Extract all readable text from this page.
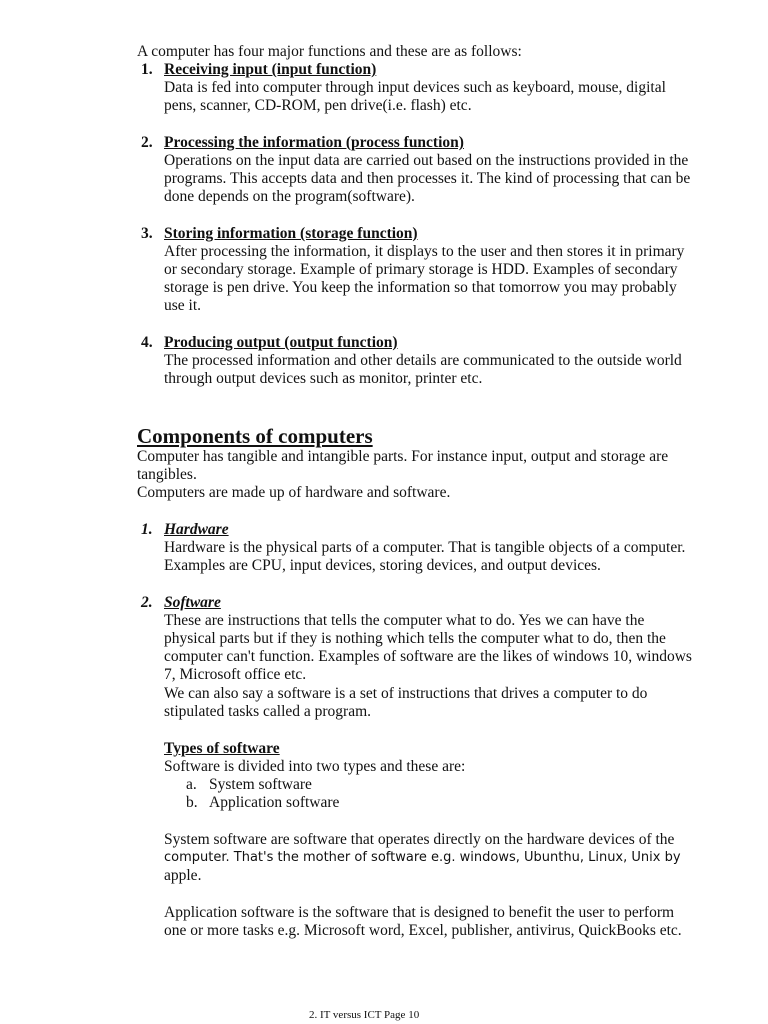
A computer has four major functions and these are as follows:
1. Receiving input (input function)
Data is fed into computer through input devices such as keyboard, mouse, digital
pens, scanner, CD-ROM, pen drive(i.e. flash) etc.
2. Processing the information (process function)
Operations on the input data are carried out based on the instructions provided in the
programs. This accepts data and then processes it. The kind of processing that can be
done depends on the program(software).
3. Storing information (storage function)
After processing the information, it displays to the user and then stores it in primary
or secondary storage. Example of primary storage is HDD. Examples of secondary
storage is pen drive. You keep the information so that tomorrow you may probably
use it.
4. Producing output (output function)
The processed information and other details are communicated to the outside world
through output devices such as monitor, printer etc.
Components of computers
Computer has tangible and intangible parts. For instance input, output and storage are
tangibles.
Computers are made up of hardware and software.
1. Hardware
Hardware is the physical parts of a computer. That is tangible objects of a computer.
Examples are CPU, input devices, storing devices, and output devices.
2. Software
These are instructions that tells the computer what to do. Yes we can have the
physical parts but if they is nothing which tells the computer what to do, then the
computer can't function. Examples of software are the likes of windows 10, windows
7, Microsoft office etc.
We can also say a software is a set of instructions that drives a computer to do
stipulated tasks called a program.
Types of software
Software is divided into two types and these are:
a. System software
b. Application software
System software are software that operates directly on the hardware devices of the
computer. That's the mother of software e.g. windows, Ubunthu, Linux, Unix by
apple.
Application software is the software that is designed to benefit the user to perform
one or more tasks e.g. Microsoft word, Excel, publisher, antivirus, QuickBooks etc.
2. IT versus ICT Page 10
